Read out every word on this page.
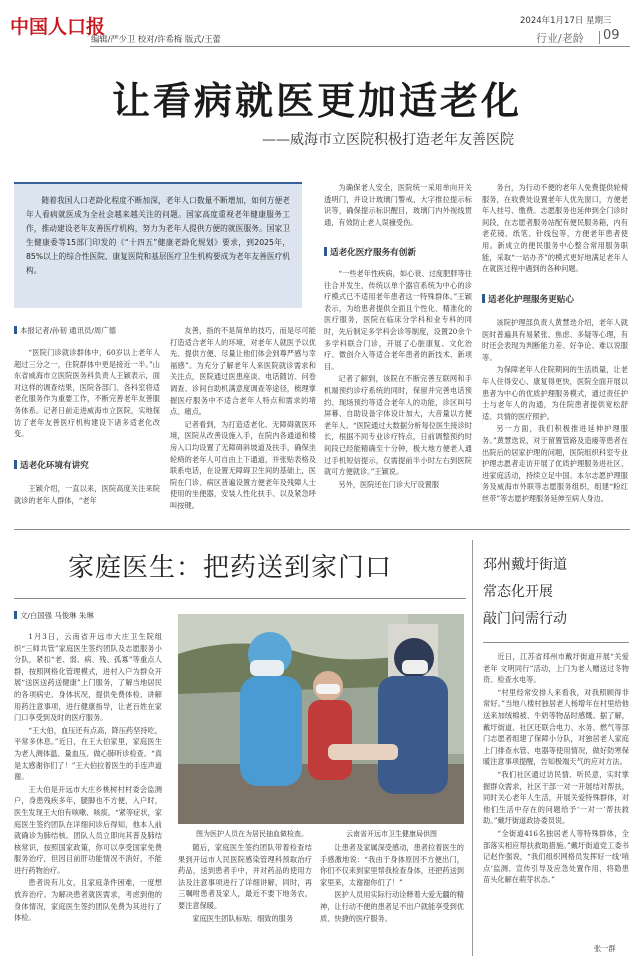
中国人口报
编辑/严少卫 校对/许希梅 版式/王蕾
2024年1月17日 星期三
行业/老龄 09
让看病就医更加适老化
——威海市立医院积极打造老年友善医院
随着我国人口老龄化程度不断加深，老年人口数量不断增加，如何方便老年人看病就医成为全社会越来越关注的问题。国家高度重视老年健康服务工作，推动建设老年友善医疗机构，努力为老年人提供方便的就医服务。国家卫生健康委等15部门印发的《“十四五”健康老龄化规划》要求，到2025年，85%以上的综合性医院、康复医院和基层医疗卫生机构要成为老年友善医疗机构。
本报记者/孙韧 通讯员/周广德

“医院门诊就诊群体中，60岁以上老年人超过三分之一，住院群体中更是接近一半。”山东省威海市立医院医务科负责人王颖表示，面对这样的调查结果，医院各部门、各科室将适老化服务作为重要工作，不断完善老年友善服务体系。记者日前走进威海市立医院，实地探访了老年友善医疗机构建设下诸多适老化改变。

适老化环境有讲究

王颖介绍，一直以来，医院高度关注来院就诊的老年人群体，“老年

友善，指的不是简单的技巧，而是尽可能打造适合老年人的环境，对老年人就医予以优先、提供方便、尽量让他们体会到尊严感与幸福感”。为充分了解老年人来医院就诊需求和关注点，医院通过医患座谈、电话随访、问卷调查、诊间自助机满意度调查等途径，梳理掌握医疗服务中不适合老年人特点和需求的堵点、痛点。

记者看到，为打造适老化、无障碍就医环境，医院从改善设施入手，在院内各通道和楼房入口均设置了无障碍斜坡道及扶手，确保坐轮椅的老年人可自由上下通道，并张贴表格及联系电话，在设置无障碍卫生间的基础上，医院在门诊、病区普遍设置方便老年及残障人士使用的坐便器，安装人性化扶手、以及紧急呼叫按键。

为确保老人安全，医院统一采用单向开关透明门，并设计玻璃门警戒、大字推拉提示标识等，确保提示标识醒目，玻璃门内外视线贯通，有效防止老人误撞受伤。

适老化医疗服务有创新

“一些老年性疾病，如心衰、过度肥胖等往往合并发生，传统以单个器官系统为中心的诊疗模式已不适用老年患者这一特殊群体。”王颖表示，为给患者提供全面且个性化、精准化的医疗服务，医院在临床分学科和业专科的同时，先后制定多学科会诊等制度，设置20余个多学科联合门诊，开展了心脏康复、文化治疗、微创介入等适合老年患者的新技术、新项目。

记者了解到，该院在不断完善互联网和手机端预约诊疗系统的同时，保留并完善电话预约、现场预约等适合老年人的功能，诊区叫号屏幕、自助设备字体设计加大，大音量以方便老年人。“医院通过大数据分析每位医生接诊时长，根据不同专业诊疗特点，日前调整预约时间段已经能精确至十分钟，极大地方便老人通过手机短信提示，仅需提前半小时左右到医院就可方便就诊。”王颖说。

另外，医院还在门诊大厅设置服

务台，为行动不便的老年人免费提供轮椅服务，在收费处设置老年人优先窗口，方便老年人挂号、缴费。志愿服务也延伸到全门诊时间段，在志愿者服务站配有便民服务箱，内有老花镜、纸笔、针线包等，方便老年患者使用。新成立的便民服务中心整合常用服务职能，采取“一站办齐”的模式更好地满足老年人在就医过程中遇到的各种问题。

适老化护理服务更贴心

该院护理部负责人黄慧迭介绍，老年人就医时普遍具有易紧张、焦虑、多疑等心理，有时还会表现为判断能力差、好争论、难以说服等。

为保障老年人住院期间的生活质量，让老年人住得安心、康复得更快，医院全面开展以患者为中心的优质护理服务模式，通过责任护士与老年人的沟通，为住院患者提供宽松舒适、共情的医疗照护。

另一方面，我们积极推进延伸护理服务。”黄慧迭说，对于留置管路及造瘘等患者在出院后的居家护理的问题，医院组织科室专业护理志愿者走访开展了优质护理服务进社区、进家庭活动，持续立足中国、本尔志愿护理服务及威海市外联等志愿服务组织，组建“粉红丝带”等志愿护理服务延伸至病人身边。

家庭医生：把药送到家门口
文/白国强 马俊琳 朱琳

1月3日，云南省开远市大庄卫生院组织“三师共管”家庭医生签约团队及志愿服务小分队，紧扣“老、弱、病、残、孤寡”等重点人群，按照网格化管理模式，进村入户为群众开展“送医送药送健康”上门服务，了解当地居民的各项病史、身体状况，提供免费体检、讲解用药注意事项，进行健康指导，让老百姓在家门口享受到及时的医疗服务。

“王大伯，血压还有点高，降压药坚持吃，平常多休息。”近日，在王大伯家里，家庭医生为老人测体温、量血压、做心肺听诊检查。“真是太感谢你们了！”王大伯拉着医生的手连声道谢。

王大伯是开远市大庄乡桃树村村委会监测户，身患残疾多年，腿脚也不方便，入户时，医生发现王大伯有咳嗽、咳痰。“紧等症状，家庭医生签约团队在详细问诊后得知，他本人前就确诊为肺结核。团队人员立即向其普及肺结核常识，按照国家政策，你可以享受国家免费服务治疗，但因目前肝功能情况不消好，不能进行药物治疗。

患者说有儿女，且家庭条件困难，一度想放弃治疗。为解决患者就医需求，考虑到他的身体情况，家庭医生签约团队免费为其进行了体检。

图为医护人员在为居民抽血做检查。	云南省开远市卫生健康局供图

随后，家庭医生签约团队带着检查结果到开远市人民医院感染管理科预取治疗药品，送到患者手中，并对药品的使用方法及注意事项进行了详细讲解，同时，再三嘱咐患者及家人，最近不要下地务农，要注意保暖。

家庭医生团队标贴、细致的服务

让患者及家属深受感动，患者拉着医生的手感激地说：“我由于身体原因不方便出门，你们不仅来到家里帮我检查身体，还把药送到家里来，太谢谢你们了！”

医护人员用实际行动诠释着大爱无疆的精神，让行动不便的患者足不出户就能享受到优质、快捷的医疗服务。

邳州戴圩街道
常态化开展
敲门问需行动

近日，江苏省邳州市戴圩街道开展“关爱老年 文明同行”活动，上门为老人赠送过冬物资、检查水电等。

“村里经常安排人来看我，对我照顾得非常好。”当地八楼村独居老人杨增年在村里给他送来加绒棉被、牛奶等物品时感慨。据了解，戴圩街道、社区还联合电力、水务、燃气等部门志愿者组建了保障小分队，对独居老人家庭上门排查水管、电器等使用情况，做好防寒保暖注意事项提醒，告知极端天气的应对方法。

“我们社区通过访民情、听民意，实时掌握群众需求，社区干部一对一开展结对帮扶，同时关心老年人生活，开展关爱特殊群体，对他们生活中存在的问题给予‘一对一’帮扶救助。”戴圩街道政协委员说。

“全街道416名独居老人等特殊群体，全部落实相应帮扶救助措施。”戴圩街道党工委书记赵作强说，“我们组织网格员发挥好一线‘哨点’监测、宣传引导及应急处置作用，将隐患苗头化解在萌芽状态。”

张一群
